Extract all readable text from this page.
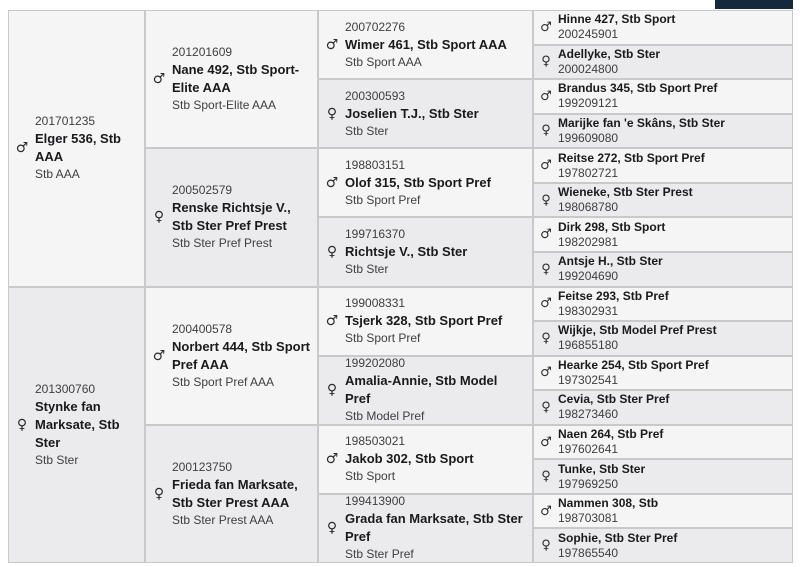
♂
201701235
Elger 536, Stb AAA
Stb AAA
♀
201300760
Stynke fan Marksate, Stb Ster
Stb Ster
♂
201201609
Nane 492, Stb Sport-Elite AAA
Stb Sport-Elite AAA
♀
200502579
Renske Richtsje V., Stb Ster Pref Prest
Stb Ster Pref Prest
♂
200400578
Norbert 444, Stb Sport Pref AAA
Stb Sport Pref AAA
♀
200123750
Frieda fan Marksate, Stb Ster Prest AAA
Stb Ster Prest AAA
♂
200702276
Wimer 461, Stb Sport AAA
Stb Sport AAA
♀
200300593
Joselien T.J., Stb Ster
Stb Ster
♂
198803151
Olof 315, Stb Sport Pref
Stb Sport Pref
♀
199716370
Richtsje V., Stb Ster
Stb Ster
♂
199008331
Tsjerk 328, Stb Sport Pref
Stb Sport Pref
♀
199202080
Amalia-Annie, Stb Model Pref
Stb Model Pref
♂
198503021
Jakob 302, Stb Sport
Stb Sport
♀
199413900
Grada fan Marksate, Stb Ster Pref
Stb Ster Pref
♂
Hinne 427, Stb Sport
200245901
♀
Adellyke, Stb Ster
200024800
♂
Brandus 345, Stb Sport Pref
199209121
♀
Marijke fan 'e Skâns, Stb Ster
199609080
♂
Reitse 272, Stb Sport Pref
197802721
♀
Wieneke, Stb Ster Prest
198068780
♂
Dirk 298, Stb Sport
198202981
♀
Antsje H., Stb Ster
199204690
♂
Feitse 293, Stb Pref
198302931
♀
Wijkje, Stb Model Pref Prest
196855180
♂
Hearke 254, Stb Sport Pref
197302541
♀
Cevia, Stb Ster Pref
198273460
♂
Naen 264, Stb Pref
197602641
♀
Tunke, Stb Ster
197969250
♂
Nammen 308, Stb
198703081
♀
Sophie, Stb Ster Pref
197865540
